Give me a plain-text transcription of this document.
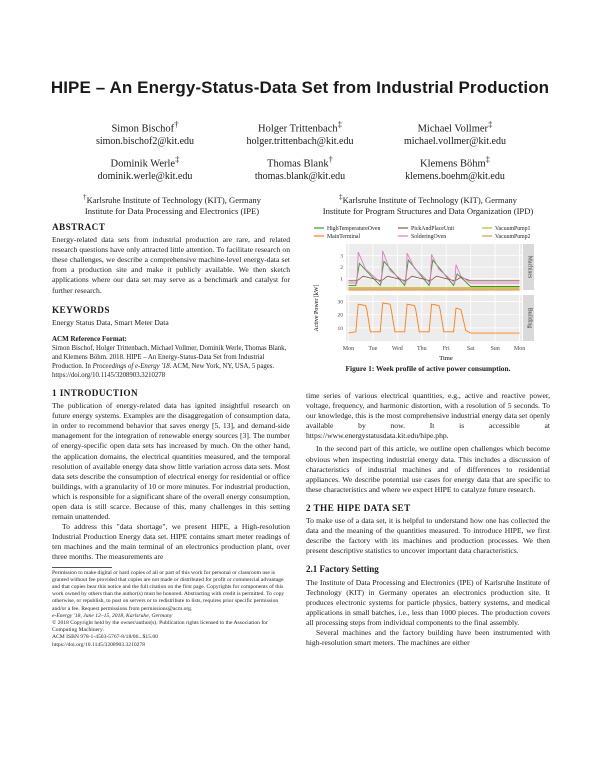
HIPE – An Energy-Status-Data Set from Industrial Production
Simon Bischof†
simon.bischof2@kit.edu
Holger Trittenbach‡
holger.trittenbach@kit.edu
Michael Vollmer‡
michael.vollmer@kit.edu
Dominik Werle‡
dominik.werle@kit.edu
Thomas Blank†
thomas.blank@kit.edu
Klemens Böhm‡
klemens.boehm@kit.edu
†Karlsruhe Institute of Technology (KIT), Germany
Institute for Data Processing and Electronics (IPE)
‡Karlsruhe Institute of Technology (KIT), Germany
Institute for Program Structures and Data Organization (IPD)
ABSTRACT

Energy-related data sets from industrial production are rare, and related research questions have only attracted little attention. To facilitate research on these challenges, we describe a comprehensive machine-level energy-data set from a production site and make it publicly available. We then sketch applications where our data set may serve as a benchmark and catalyst for further research.

KEYWORDS

Energy Status Data, Smart Meter Data

ACM Reference Format:

Simon Bischof, Holger Trittenbach, Michael Vollmer, Dominik Werle, Thomas Blank, and Klemens Böhm. 2018. HIPE – An Energy-Status-Data Set from Industrial Production. In Proceedings of e-Energy '18. ACM, New York, NY, USA, 5 pages. https://doi.org/10.1145/3208903.3210278

1 INTRODUCTION

The publication of energy-related data has ignited insightful research on future energy systems. Examples are the disaggregation of consumption data, in order to recommend behavior that saves energy [5, 13], and demand-side management for the integration of renewable energy sources [3]. The number of energy-specific open data sets has increased by much. On the other hand, the application domains, the electrical quantities measured, and the temporal resolution of available energy data show little variation across data sets. Most data sets describe the consumption of electrical energy for residential or office buildings, with a granularity of 10 or more minutes. For industrial production, which is responsible for a significant share of the overall energy consumption, open data is still scarce. Because of this, many challenges in this setting remain unattended.

To address this "data shortage", we present HIPE, a High-resolution Industrial Production Energy data set. HIPE contains smart meter readings of ten machines and the main terminal of an electronics production plant, over three months. The measurements are

Permission to make digital or hard copies of all or part of this work for personal or classroom use is granted without fee provided that copies are not made or distributed for profit or commercial advantage and that copies bear this notice and the full citation on the first page. Copyrights for components of this work owned by others than the author(s) must be honored. Abstracting with credit is permitted. To copy otherwise, or republish, to post on servers or to redistribute to lists, requires prior specific permission and/or a fee. Request permissions from permissions@acm.org.
e-Energy '18, June 12–15, 2018, Karlsruhe, Germany
© 2018 Copyright held by the owner/author(s). Publication rights licensed to the Association for Computing Machinery.
ACM ISBN 978-1-4503-5767-8/18/06...$15.00
https://doi.org/10.1145/3208903.3210278
HighTemperatureOven	PickAndPlaceUnit	VacuumPump1
MainTerminal	SolderingOven	VacuumPump2
1
2
3	Machines
10
20
30
Building
Mon Tue Wed Thu	Fri	Sat	Sun Mon
Active Power [kW]
Time
Figure 1: Week profile of active power consumption.

time series of various electrical quantities, e.g., active and reactive power, voltage, frequency, and harmonic distortion, with a resolution of 5 seconds. To our knowledge, this is the most comprehensive industrial energy data set openly available by now. It is accessible at https://www.energystatusdata.kit.edu/hipe.php.

In the second part of this article, we outline open challenges which become obvious when inspecting industrial energy data. This includes a discussion of characteristics of industrial machines and of differences to residential appliances. We describe potential use cases for energy data that are specific to these characteristics and where we expect HIPE to catalyze future research.

2 THE HIPE DATA SET

To make use of a data set, it is helpful to understand how one has collected the data and the meaning of the quantities measured. To introduce HIPE, we first describe the factory with its machines and production processes. We then present descriptive statistics to uncover important data characteristics.

2.1 Factory Setting

The Institute of Data Processing and Electronics (IPE) of Karlsruhe Institute of Technology (KIT) in Germany operates an electronics production site. It produces electronic systems for particle physics, battery systems, and medical applications in small batches, i.e., less than 1000 pieces. The production covers all processing steps from individual components to the final assembly.

Several machines and the factory building have been instrumented with high-resolution smart meters. The machines are either
